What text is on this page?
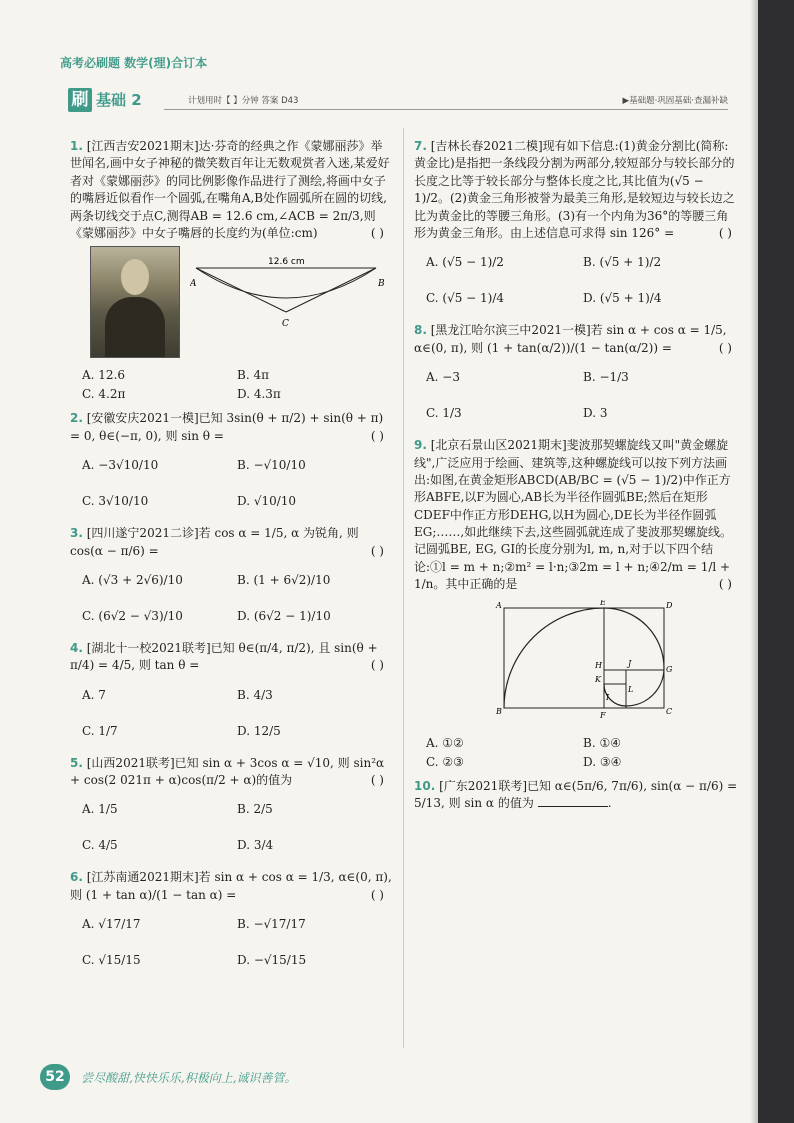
高考必刷题 数学(理)合订本
刷 基础 2	计划用时【 】分钟 答案 D43	▶基础题·巩固基础·查漏补缺
1. [江西吉安2021期末]达·芬奇的经典之作《蒙娜丽莎》举世闻名,画中女子神秘的微笑数百年让无数观赏者入迷,某爱好者对《蒙娜丽莎》的同比例影像作品进行了测绘,将画中女子的嘴唇近似看作一个圆弧,在嘴角A,B处作圆弧所在圆的切线,两条切线交于点C,测得AB = 12.6 cm,∠ACB = 2π/3,则《蒙娜丽莎》中女子嘴唇的长度约为(单位:cm)	( )
12.6 cm
A	B
C
A. 12.6	B. 4π
C. 4.2π	D. 4.3π
2. [安徽安庆2021一模]已知 3sin(θ + π/2) + sin(θ + π) = 0, θ∈(−π, 0), 则 sin θ =	( )
A. −3√10/10	B. −√10/10
C. 3√10/10	D. √10/10
3. [四川遂宁2021二诊]若 cos α = 1/5, α 为锐角, 则 cos(α − π/6) =	( )
A. (√3 + 2√6)/10	B. (1 + 6√2)/10
C. (6√2 − √3)/10	D. (6√2 − 1)/10
4. [湖北十一校2021联考]已知 θ∈(π/4, π/2), 且 sin(θ + π/4) = 4/5, 则 tan θ =	( )
A. 7	B. 4/3
C. 1/7	D. 12/5
5. [山西2021联考]已知 sin α + 3cos α = √10, 则 sin²α + cos(2 021π + α)cos(π/2 + α)的值为	( )
A. 1/5	B. 2/5
C. 4/5	D. 3/4
6. [江苏南通2021期末]若 sin α + cos α = 1/3, α∈(0, π), 则 (1 + tan α)/(1 − tan α) =	( )
A. √17/17	B. −√17/17
C. √15/15	D. −√15/15
7. [吉林长春2021二模]现有如下信息:(1)黄金分割比(简称:黄金比)是指把一条线段分割为两部分,较短部分与较长部分的长度之比等于较长部分与整体长度之比,其比值为(√5 − 1)/2。(2)黄金三角形被誉为最美三角形,是较短边与较长边之比为黄金比的等腰三角形。(3)有一个内角为36°的等腰三角形为黄金三角形。由上述信息可求得 sin 126° =	( )
A. (√5 − 1)/2	B. (√5 + 1)/2
C. (√5 − 1)/4	D. (√5 + 1)/4
8. [黑龙江哈尔滨三中2021一模]若 sin α + cos α = 1/5, α∈(0, π), 则 (1 + tan(α/2))/(1 − tan(α/2)) =	( )
A. −3	B. −1/3
C. 1/3	D. 3
9. [北京石景山区2021期末]斐波那契螺旋线又叫"黄金螺旋线",广泛应用于绘画、建筑等,这种螺旋线可以按下列方法画出:如图,在黄金矩形ABCD(AB/BC = (√5 − 1)/2)中作正方形ABFE,以F为圆心,AB长为半径作圆弧BE;然后在矩形CDEF中作正方形DEHG,以H为圆心,DE长为半径作圆弧EG;……,如此继续下去,这些圆弧就连成了斐波那契螺旋线。记圆弧BE, EG, GI的长度分别为l, m, n,对于以下四个结论:①l = m + n;②m² = l·n;③2m = l + n;④2/m = 1/l + 1/n。其中正确的是	( )
A	E	D
H	J
G
K
I
L
B	F	C
A. ①②	B. ①④
C. ②③	D. ③④
10. [广东2021联考]已知 α∈(5π/6, 7π/6), sin(α − π/6) = 5/13, 则 sin α 的值为	.
52 尝尽酸甜,快快乐乐,积极向上,诚识善管。
